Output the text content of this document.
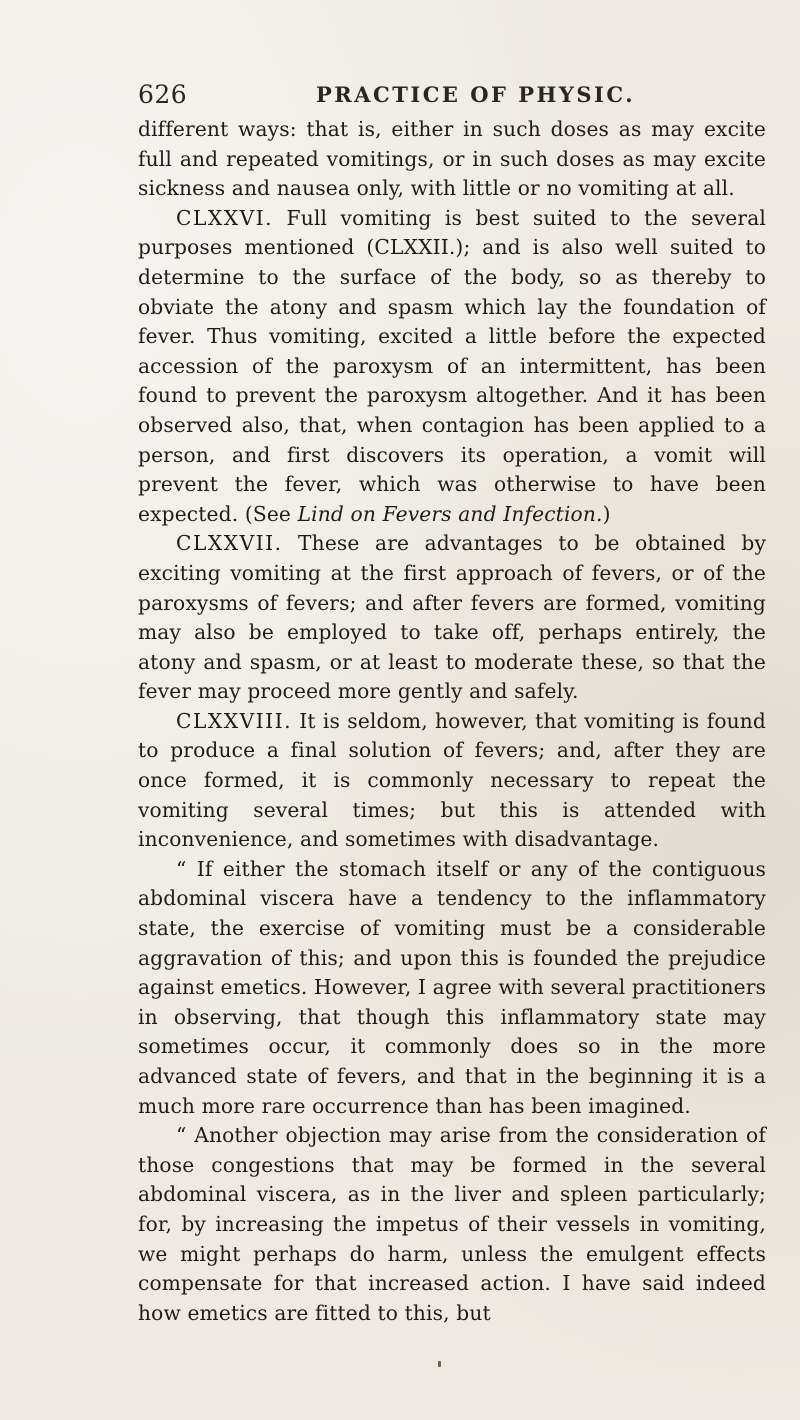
626	PRACTICE OF PHYSIC.

different ways: that is, either in such doses as may excite full and repeated vomitings, or in such doses as may excite sickness and nausea only, with little or no vomiting at all.

CLXXVI. Full vomiting is best suited to the several purposes mentioned (CLXXII.); and is also well suited to determine to the surface of the body, so as thereby to obviate the atony and spasm which lay the foundation of fever. Thus vomiting, excited a little before the expected accession of the paroxysm of an intermittent, has been found to prevent the paroxysm altogether. And it has been observed also, that, when contagion has been applied to a person, and first discovers its operation, a vomit will prevent the fever, which was otherwise to have been expected. (See Lind on Fevers and Infection.)

CLXXVII. These are advantages to be obtained by exciting vomiting at the first approach of fevers, or of the paroxysms of fevers; and after fevers are formed, vomiting may also be employed to take off, perhaps entirely, the atony and spasm, or at least to moderate these, so that the fever may proceed more gently and safely.

CLXXVIII. It is seldom, however, that vomiting is found to produce a final solution of fevers; and, after they are once formed, it is commonly necessary to repeat the vomiting several times; but this is attended with inconvenience, and sometimes with disadvantage.

“ If either the stomach itself or any of the contiguous abdominal viscera have a tendency to the inflammatory state, the exercise of vomiting must be a considerable aggravation of this; and upon this is founded the prejudice against emetics. However, I agree with several practitioners in observing, that though this inflammatory state may sometimes occur, it commonly does so in the more advanced state of fevers, and that in the beginning it is a much more rare occurrence than has been imagined.

“ Another objection may arise from the consideration of those congestions that may be formed in the several abdominal viscera, as in the liver and spleen particularly; for, by increasing the impetus of their vessels in vomiting, we might perhaps do harm, unless the emulgent effects compensate for that increased action. I have said indeed how emetics are fitted to this, but
